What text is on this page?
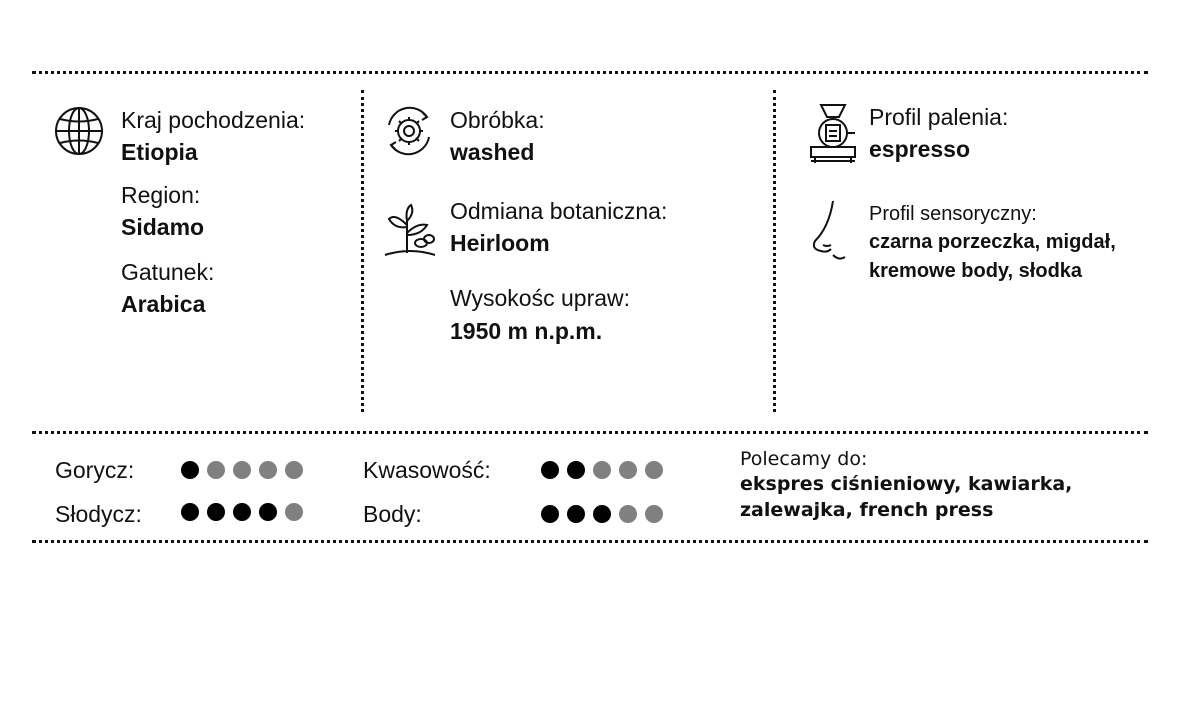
Kraj pochodzenia:
Etiopia
Region:
Sidamo
Gatunek:
Arabica
Obróbka:
washed
Odmiana botaniczna:
Heirloom
Wysokośc upraw:
1950 m n.p.m.
Profil palenia:
espresso
Profil sensoryczny:
czarna porzeczka, migdał, kremowe body, słodka
Gorycz:
Słodycz:
Kwasowość:
Body:
Polecamy do:
ekspres ciśnieniowy, kawiarka, zalewajka, french press
